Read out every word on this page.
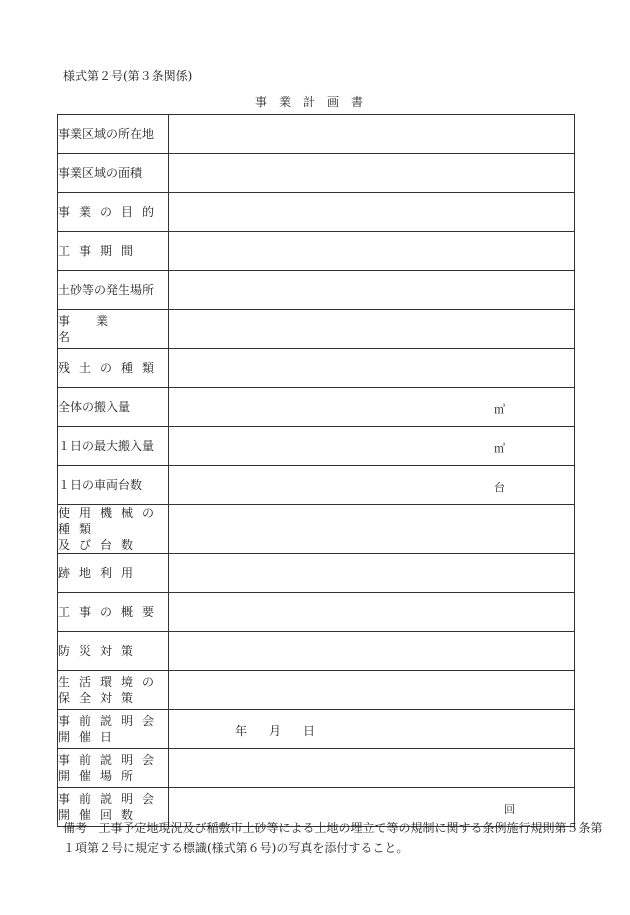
様式第２号(第３条関係)
事業計画書
事業区域の所在地	

事業区域の面積	

事業の目的	

工事期間	

土砂等の発生場所	

事業名	

残土の種類	

全体の搬入量	㎥

１日の最大搬入量	㎥

１日の車両台数	台

使用機械の種類
及び台数	

跡地利用	

工事の概要	

防災対策	

生活環境の
保全対策	

事前説明会
開催日	年 月 日

事前説明会
開催場所	

事前説明会
開催回数	回
備考 工事予定地現況及び稲敷市土砂等による土地の埋立て等の規制に関する条例施行規則第５条第１項第２号に規定する標識(様式第６号)の写真を添付すること。
